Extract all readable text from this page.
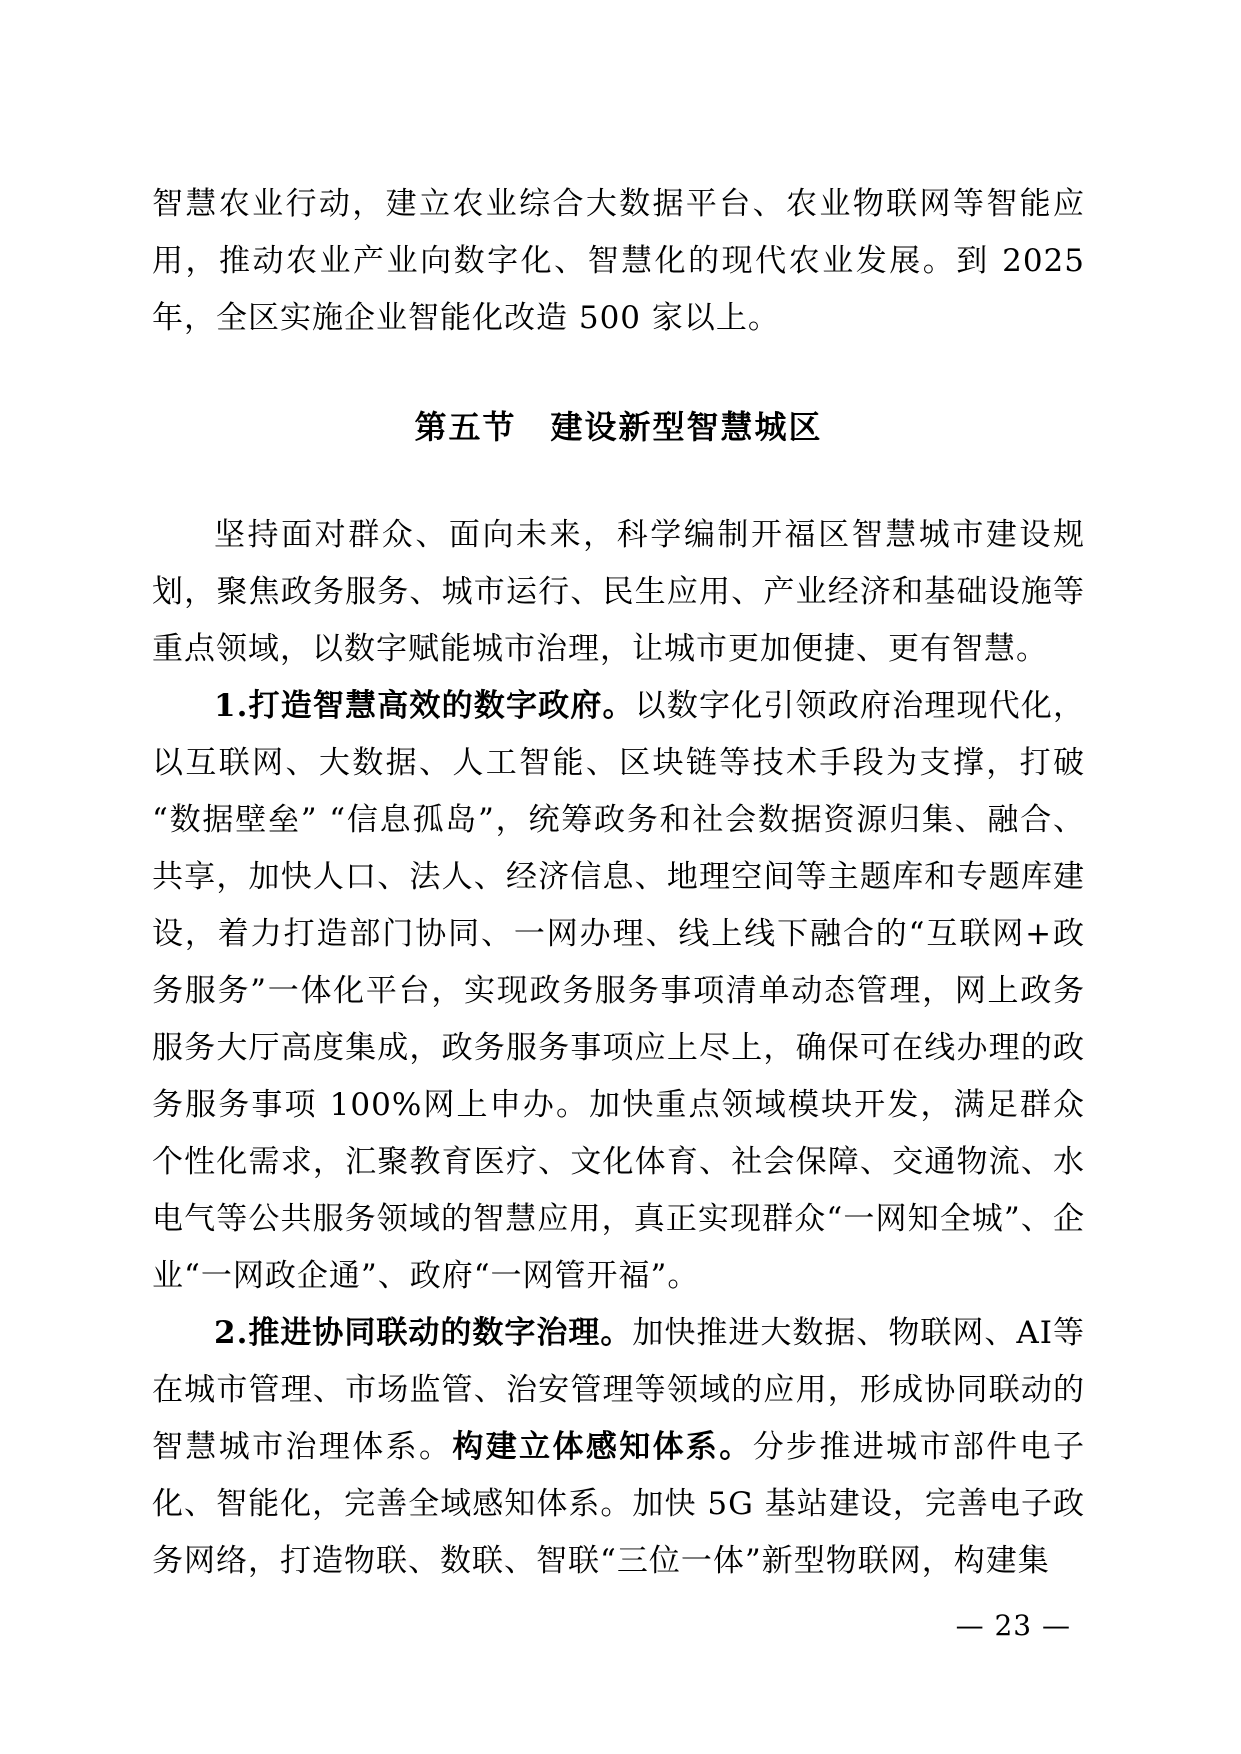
智慧农业行动，建立农业综合大数据平台、农业物联网等智能应用，推动农业产业向数字化、智慧化的现代农业发展。到 2025 年，全区实施企业智能化改造 500 家以上。

第五节　建设新型智慧城区

坚持面对群众、面向未来，科学编制开福区智慧城市建设规划，聚焦政务服务、城市运行、民生应用、产业经济和基础设施等重点领域，以数字赋能城市治理，让城市更加便捷、更有智慧。

1.打造智慧高效的数字政府。以数字化引领政府治理现代化，以互联网、大数据、人工智能、区块链等技术手段为支撑，打破“数据壁垒” “信息孤岛”，统筹政务和社会数据资源归集、融合、共享，加快人口、法人、经济信息、地理空间等主题库和专题库建设，着力打造部门协同、一网办理、线上线下融合的“互联网+政务服务”一体化平台，实现政务服务事项清单动态管理，网上政务服务大厅高度集成，政务服务事项应上尽上，确保可在线办理的政务服务事项 100%网上申办。加快重点领域模块开发，满足群众个性化需求，汇聚教育医疗、文化体育、社会保障、交通物流、水电气等公共服务领域的智慧应用，真正实现群众“一网知全城”、企业“一网政企通”、政府“一网管开福”。

2.推进协同联动的数字治理。加快推进大数据、物联网、AI等在城市管理、市场监管、治安管理等领域的应用，形成协同联动的智慧城市治理体系。构建立体感知体系。分步推进城市部件电子化、智能化，完善全域感知体系。加快 5G 基站建设，完善电子政务网络，打造物联、数联、智联“三位一体”新型物联网，构建集

— 23 —
